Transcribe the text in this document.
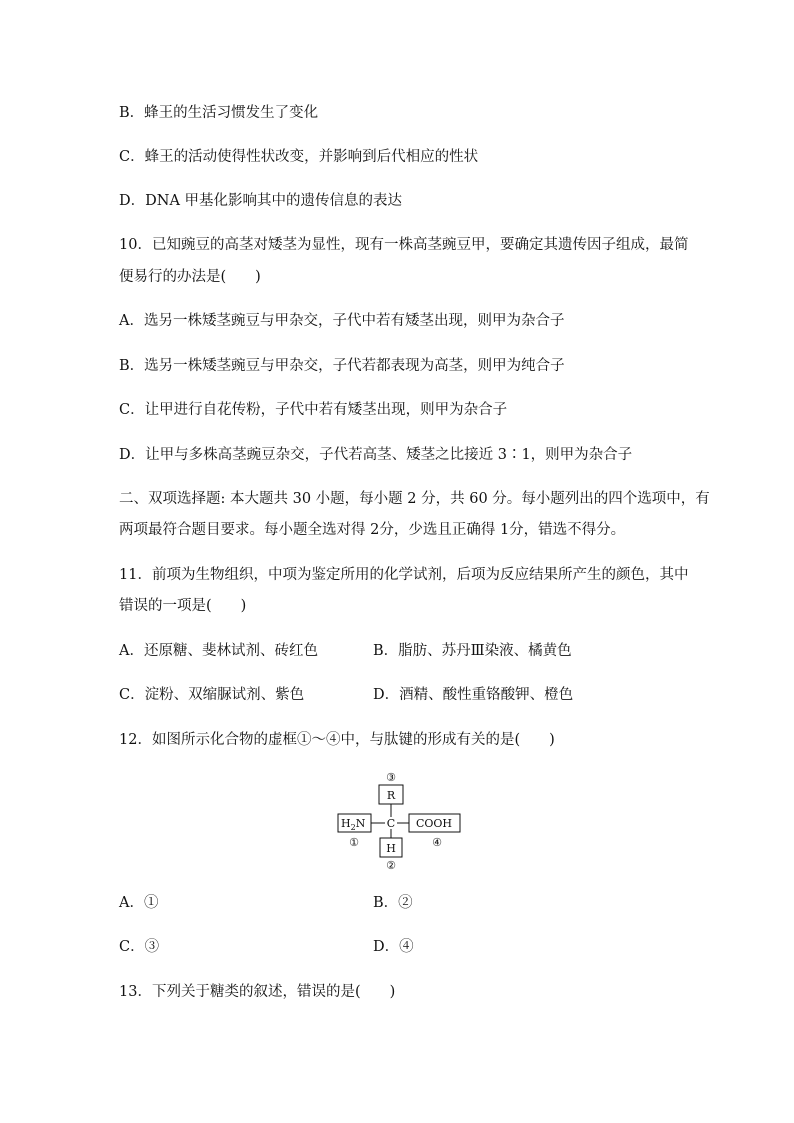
B．蜂王的生活习惯发生了变化
C．蜂王的活动使得性状改变，并影响到后代相应的性状
D．DNA 甲基化影响其中的遗传信息的表达
10．已知豌豆的高茎对矮茎为显性，现有一株高茎豌豆甲，要确定其遗传因子组成，最简
便易行的办法是(　　)
A．选另一株矮茎豌豆与甲杂交，子代中若有矮茎出现，则甲为杂合子
B．选另一株矮茎豌豆与甲杂交，子代若都表现为高茎，则甲为纯合子
C．让甲进行自花传粉，子代中若有矮茎出现，则甲为杂合子
D．让甲与多株高茎豌豆杂交，子代若高茎、矮茎之比接近 3∶1，则甲为杂合子
二、双项选择题: 本大题共 30 小题，每小题 2 分，共 60 分。每小题列出的四个选项中，有
两项最符合题目要求。每小题全选对得 2分，少选且正确得 1分，错选不得分。
11．前项为生物组织，中项为鉴定所用的化学试剂，后项为反应结果所产生的颜色，其中
错误的一项是(　　)
A．还原糖、斐林试剂、砖红色	B．脂肪、苏丹Ⅲ染液、橘黄色
C．淀粉、双缩脲试剂、紫色	D．酒精、酸性重铬酸钾、橙色
12．如图所示化合物的虚框①～④中，与肽键的形成有关的是(　　)
③
R
$H_2N$ C COOH
H
①	④
②
A．①	B．②
C．③	D．④
13．下列关于糖类的叙述，错误的是(　　)
